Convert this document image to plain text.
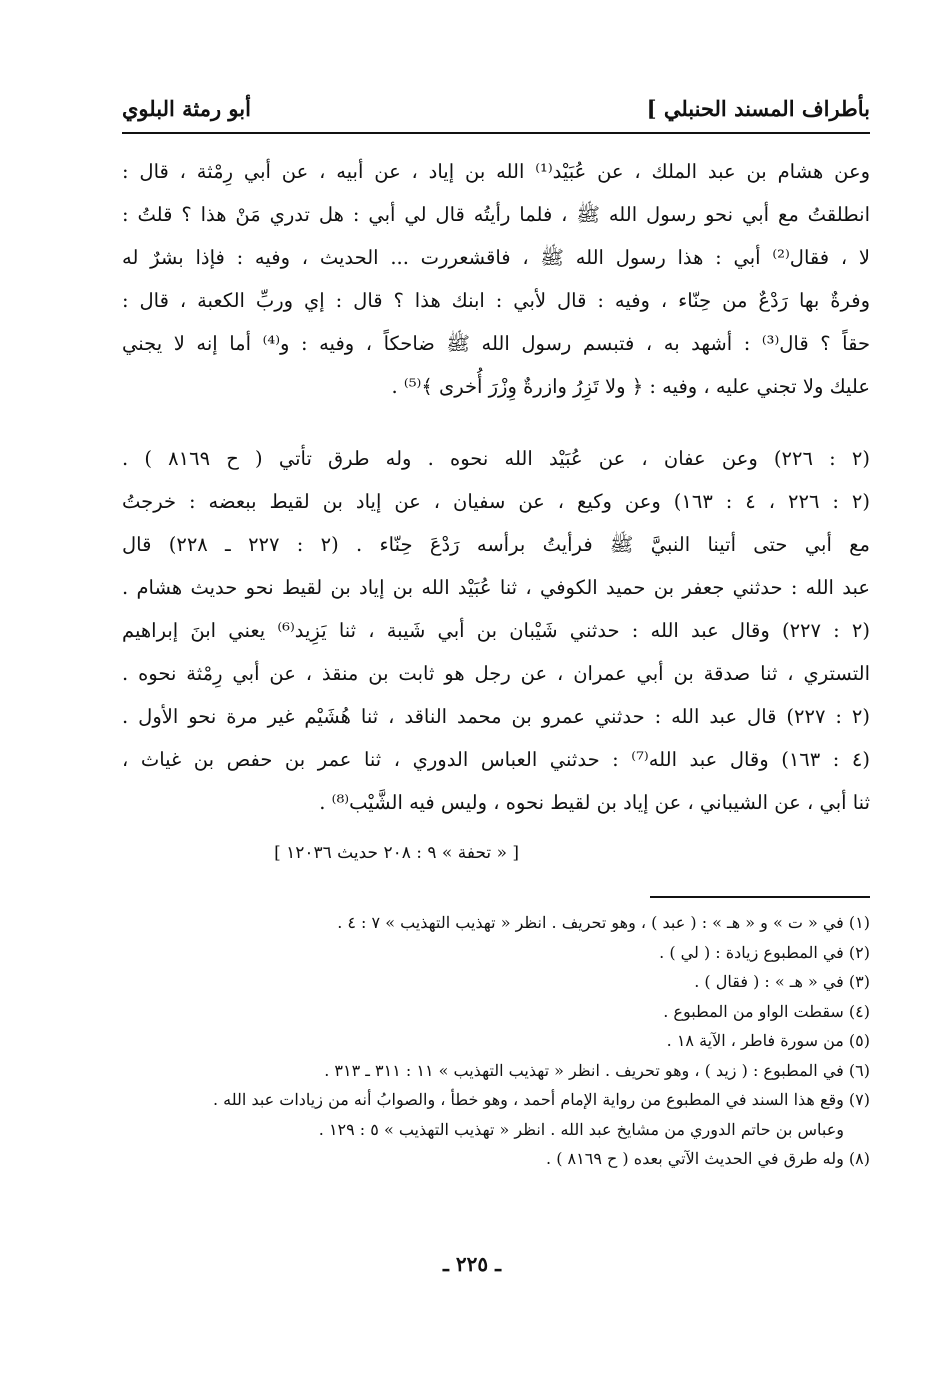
بأطراف المسند الحنبلي ]
أبو رمثة البلوي
وعن هشام بن عبد الملك ، عن عُبَيْد⁽¹⁾ الله بن إياد ، عن أبيه ، عن أبي رِمْثة ، قال :
انطلقتُ مع أبي نحو رسول الله ﷺ ، فلما رأيتُه قال لي أبي : هل تدري مَنْ هذا ؟ قلتُ :
لا ، فقال⁽²⁾ أبي : هذا رسول الله ﷺ ، فاقشعررت ... الحديث ، وفيه : فإذا بشرٌ له
وفرةٌ بها رَدْعٌ من حِنّاء ، وفيه : قال لأبي : ابنك هذا ؟ قال : إي وربِّ الكعبة ، قال :
حقاً ؟ قال⁽³⁾ : أشهد به ، فتبسم رسول الله ﷺ ضاحكاً ، وفيه : و⁽⁴⁾ أما إنه لا يجني
عليك ولا تجني عليه ، وفيه : ﴿ ولا تَزِرُ وازرةٌ وِزْرَ أُخرى ﴾⁽⁵⁾ .
(٢ : ٢٢٦) وعن عفان ، عن عُبَيْد الله نحوه . وله طرق تأتي ( ح ٨١٦٩ ) .
(٢ : ٢٢٦ ، ٤ : ١٦٣) وعن وكيع ، عن سفيان ، عن إياد بن لقيط ببعضه : خرجتُ
مع أبي حتى أتينا النبيَّ ﷺ فرأيتُ برأسه رَدْعَ حِنّاء . (٢ : ٢٢٧ ـ ٢٢٨) قال
عبد الله : حدثني جعفر بن حميد الكوفي ، ثنا عُبَيْد الله بن إياد بن لقيط نحو حديث هشام .
(٢ : ٢٢٧) وقال عبد الله : حدثني شَيْبان بن أبي شَيبة ، ثنا يَزِيد⁽⁶⁾ يعني ابنَ إبراهيم
التستري ، ثنا صدقة بن أبي عمران ، عن رجل هو ثابت بن منقذ ، عن أبي رِمْثة نحوه .
(٢ : ٢٢٧) قال عبد الله : حدثني عمرو بن محمد الناقد ، ثنا هُشَيْم غير مرة نحو الأول .
(٤ : ١٦٣) وقال عبد الله⁽⁷⁾ : حدثني العباس الدوري ، ثنا عمر بن حفص بن غياث ،
ثنا أبي ، عن الشيباني ، عن إياد بن لقيط نحوه ، وليس فيه الشَّيْب⁽⁸⁾ .
[ « تحفة » ٩ : ٢٠٨ حديث ١٢٠٣٦ ]
(١) في « ت » و « هـ » : ( عبد ) ، وهو تحريف . انظر « تهذيب التهذيب » ٧ : ٤ .
(٢) في المطبوع زيادة : ( لي ) .
(٣) في « هـ » : ( فقال ) .
(٤) سقطت الواو من المطبوع .
(٥) من سورة فاطر ، الآية ١٨ .
(٦) في المطبوع : ( زيد ) ، وهو تحريف . انظر « تهذيب التهذيب » ١١ : ٣١١ ـ ٣١٣ .
(٧) وقع هذا السند في المطبوع من رواية الإمام أحمد ، وهو خطأ ، والصوابُ أنه من زيادات عبد الله .
وعباس بن حاتم الدوري من مشايخ عبد الله . انظر « تهذيب التهذيب » ٥ : ١٢٩ .
(٨) وله طرق في الحديث الآتي بعده ( ح ٨١٦٩ ) .
ـ ٢٢٥ ـ
